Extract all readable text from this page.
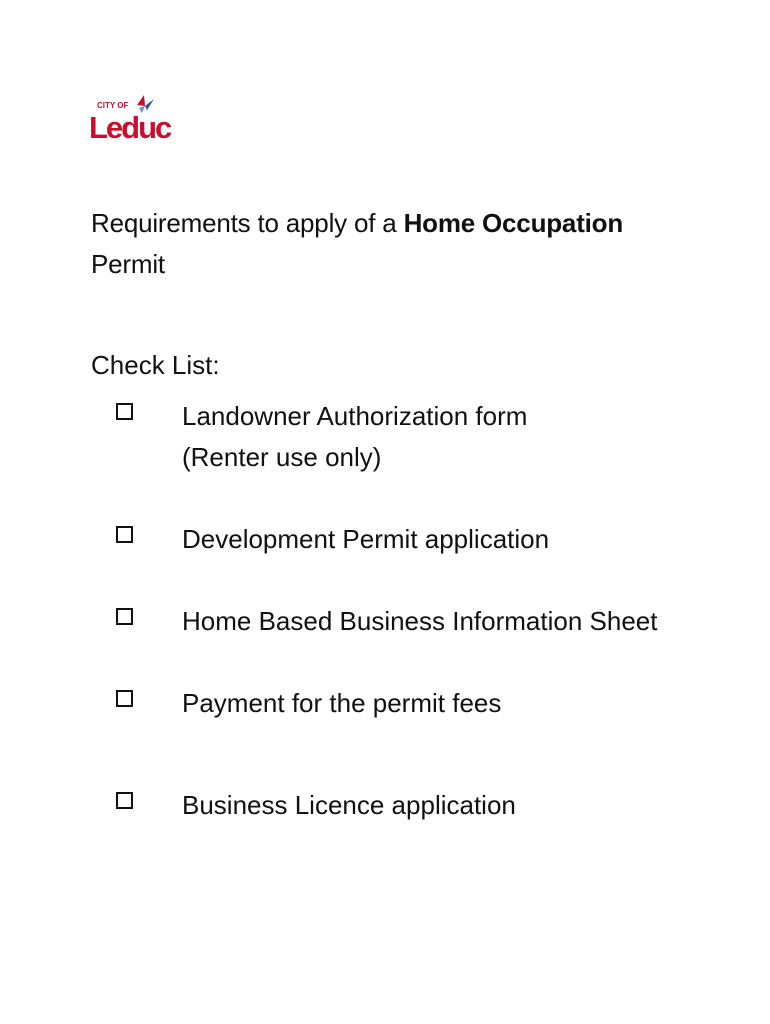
CITY OF
Leduc
Requirements to apply of a Home Occupation
Permit
Check List:
Landowner Authorization form
(Renter use only)
Development Permit application
Home Based Business Information Sheet
Payment for the permit fees
Business Licence application
